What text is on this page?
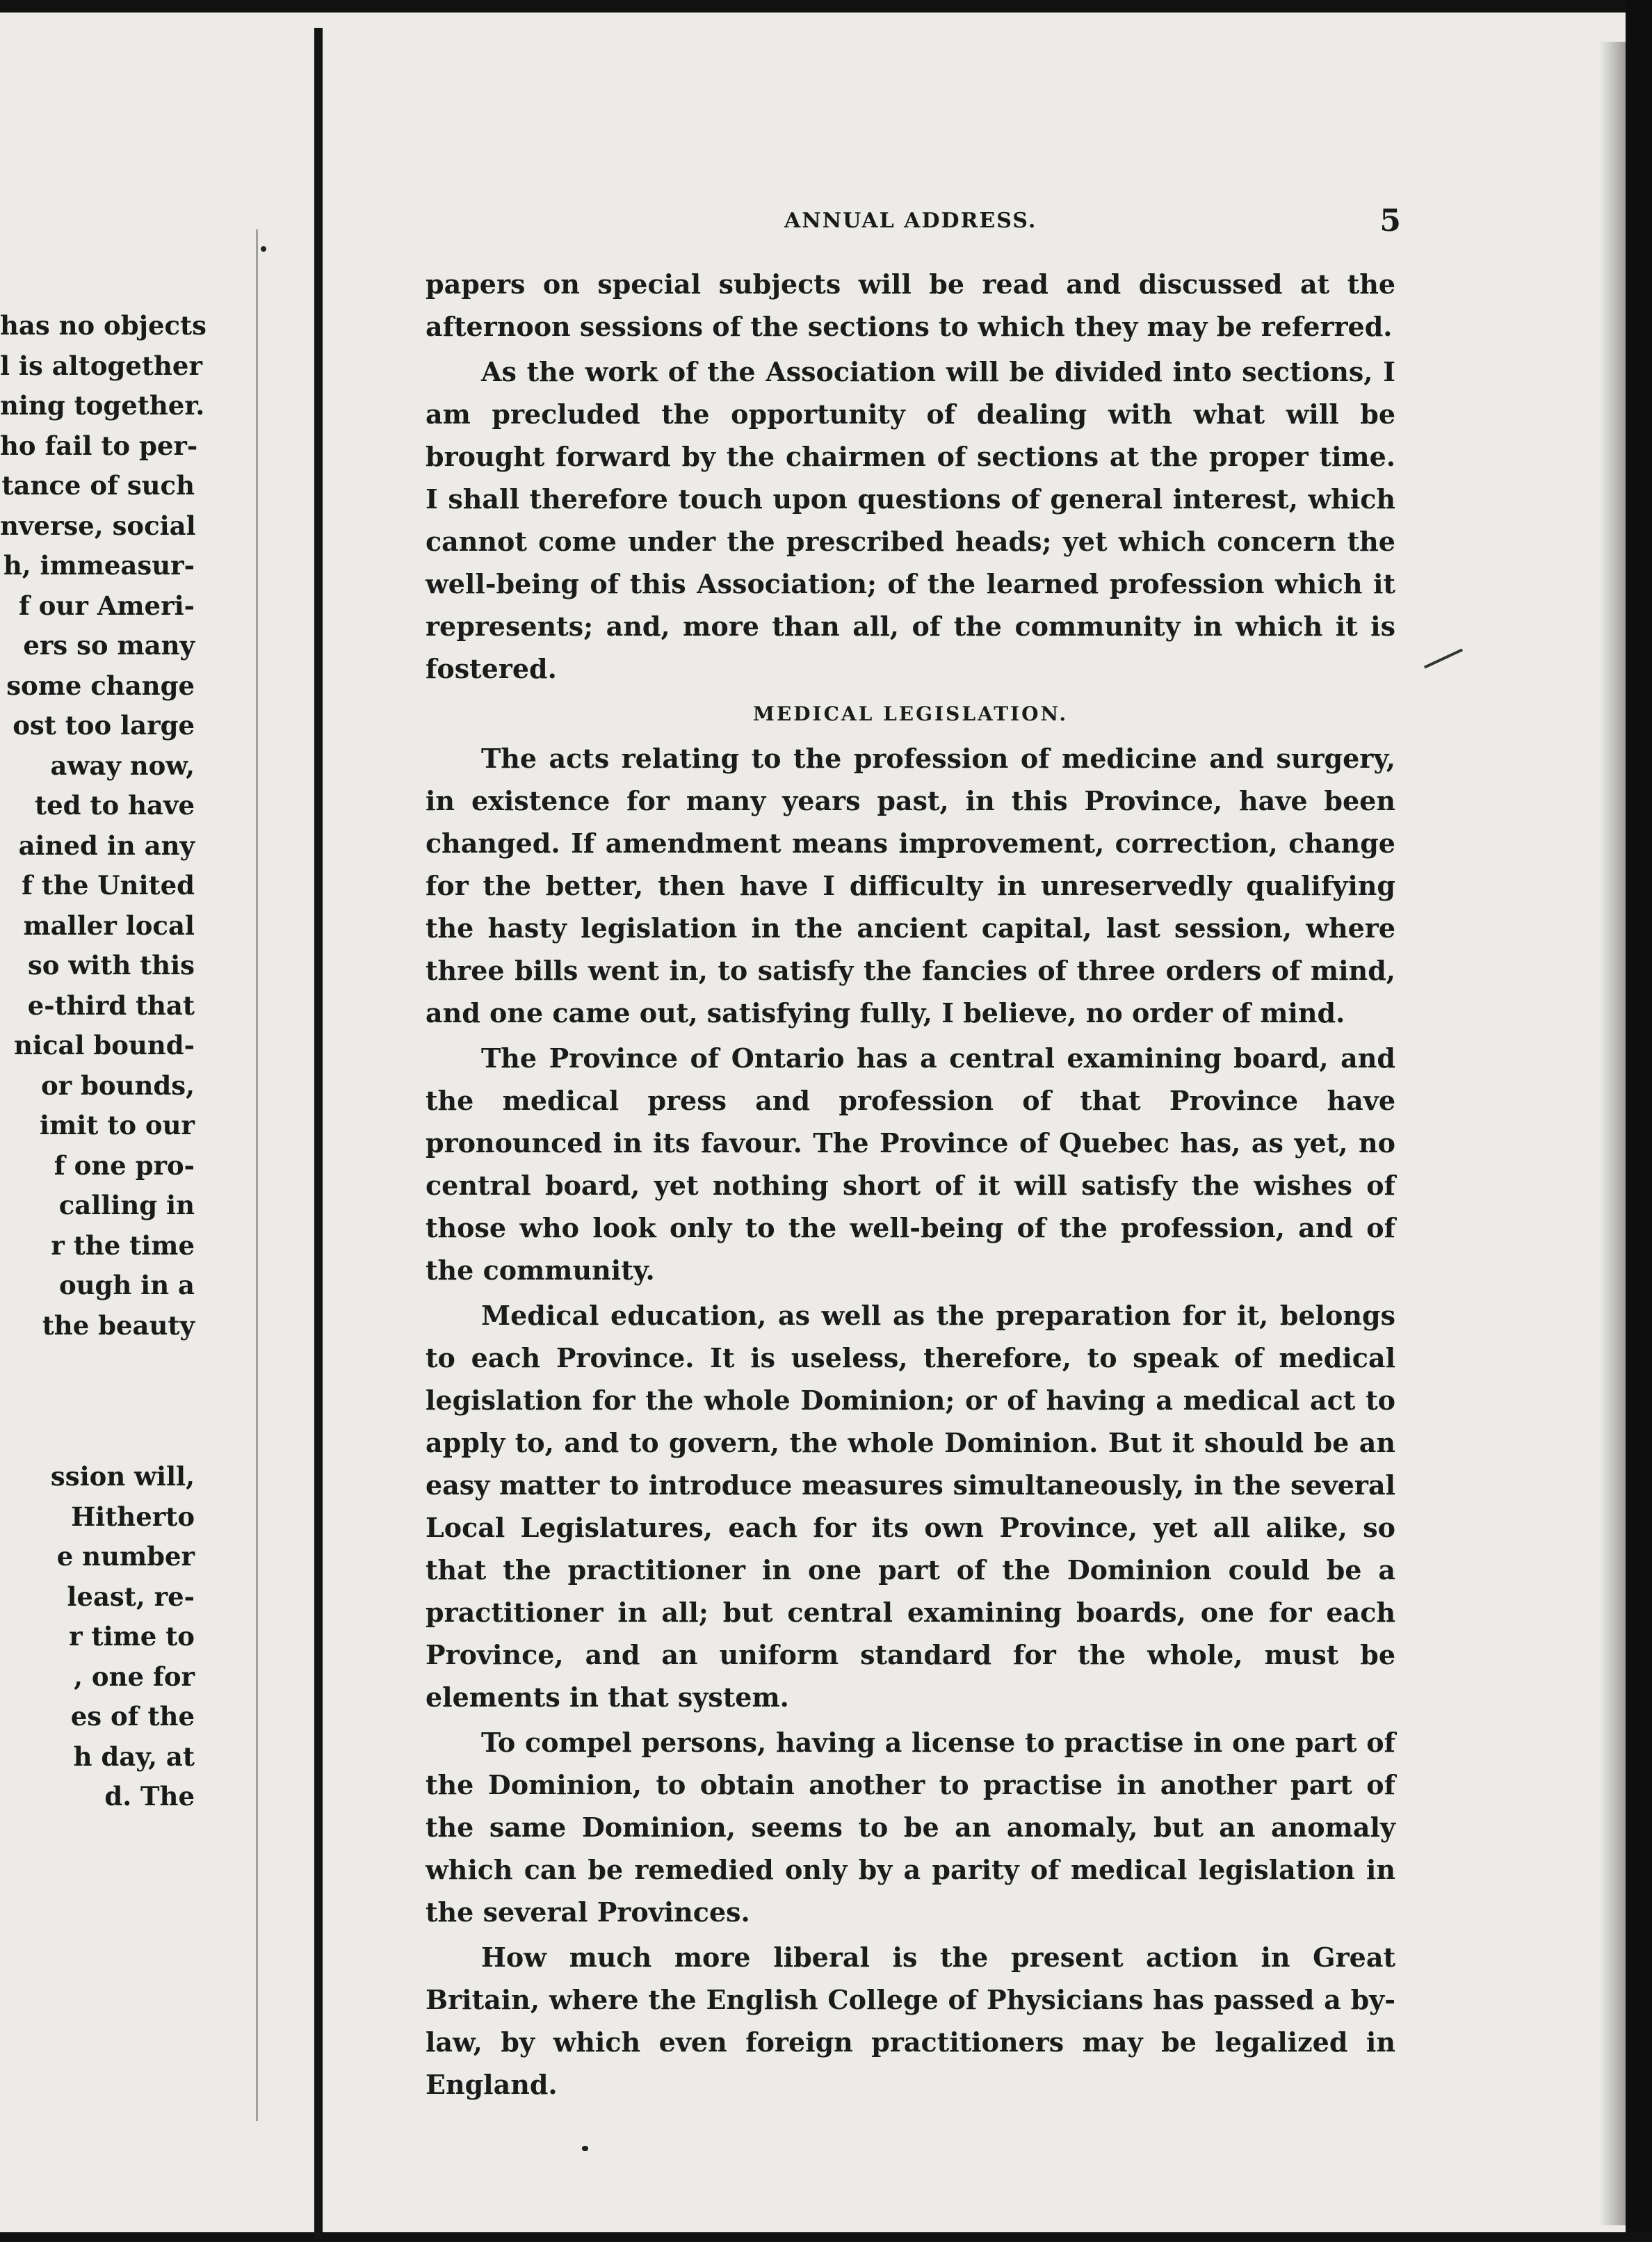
has no objects
l is altogether
ning together.
ho fail to per-
tance of such
nverse, social
h, immeasur-
f our Ameri-
ers so many
some change
ost too large
away now,
ted to have
ained in any
f the United
maller local
so with this
e-third that
nical bound-
or bounds,
imit to our
f one pro-
calling in
r the time
ough in a
the beauty
ssion will,
Hitherto
e number
least, re-
r time to
, one for
es of the
h day, at
d. The
ANNUAL ADDRESS.	5

papers on special subjects will be read and discussed at the afternoon sessions of the sections to which they may be referred.

As the work of the Association will be divided into sections, I am precluded the opportunity of dealing with what will be brought forward by the chairmen of sections at the proper time. I shall therefore touch upon questions of general interest, which cannot come under the prescribed heads; yet which concern the well-being of this Association; of the learned profession which it represents; and, more than all, of the community in which it is fostered.

MEDICAL LEGISLATION.

The acts relating to the profession of medicine and surgery, in existence for many years past, in this Province, have been changed. If amendment means improvement, correction, change for the better, then have I difficulty in unreservedly qualifying the hasty legislation in the ancient capital, last session, where three bills went in, to satisfy the fancies of three orders of mind, and one came out, satisfying fully, I believe, no order of mind.

The Province of Ontario has a central examining board, and the medical press and profession of that Province have pronounced in its favour. The Province of Quebec has, as yet, no central board, yet nothing short of it will satisfy the wishes of those who look only to the well-being of the profession, and of the community.

Medical education, as well as the preparation for it, belongs to each Province. It is useless, therefore, to speak of medical legislation for the whole Dominion; or of having a medical act to apply to, and to govern, the whole Dominion. But it should be an easy matter to introduce measures simultaneously, in the several Local Legislatures, each for its own Province, yet all alike, so that the practitioner in one part of the Dominion could be a practitioner in all; but central examining boards, one for each Province, and an uniform standard for the whole, must be elements in that system.

To compel persons, having a license to practise in one part of the Dominion, to obtain another to practise in another part of the same Dominion, seems to be an anomaly, but an anomaly which can be remedied only by a parity of medical legislation in the several Provinces.

How much more liberal is the present action in Great Britain, where the English College of Physicians has passed a by-law, by which even foreign practitioners may be legalized in England.
